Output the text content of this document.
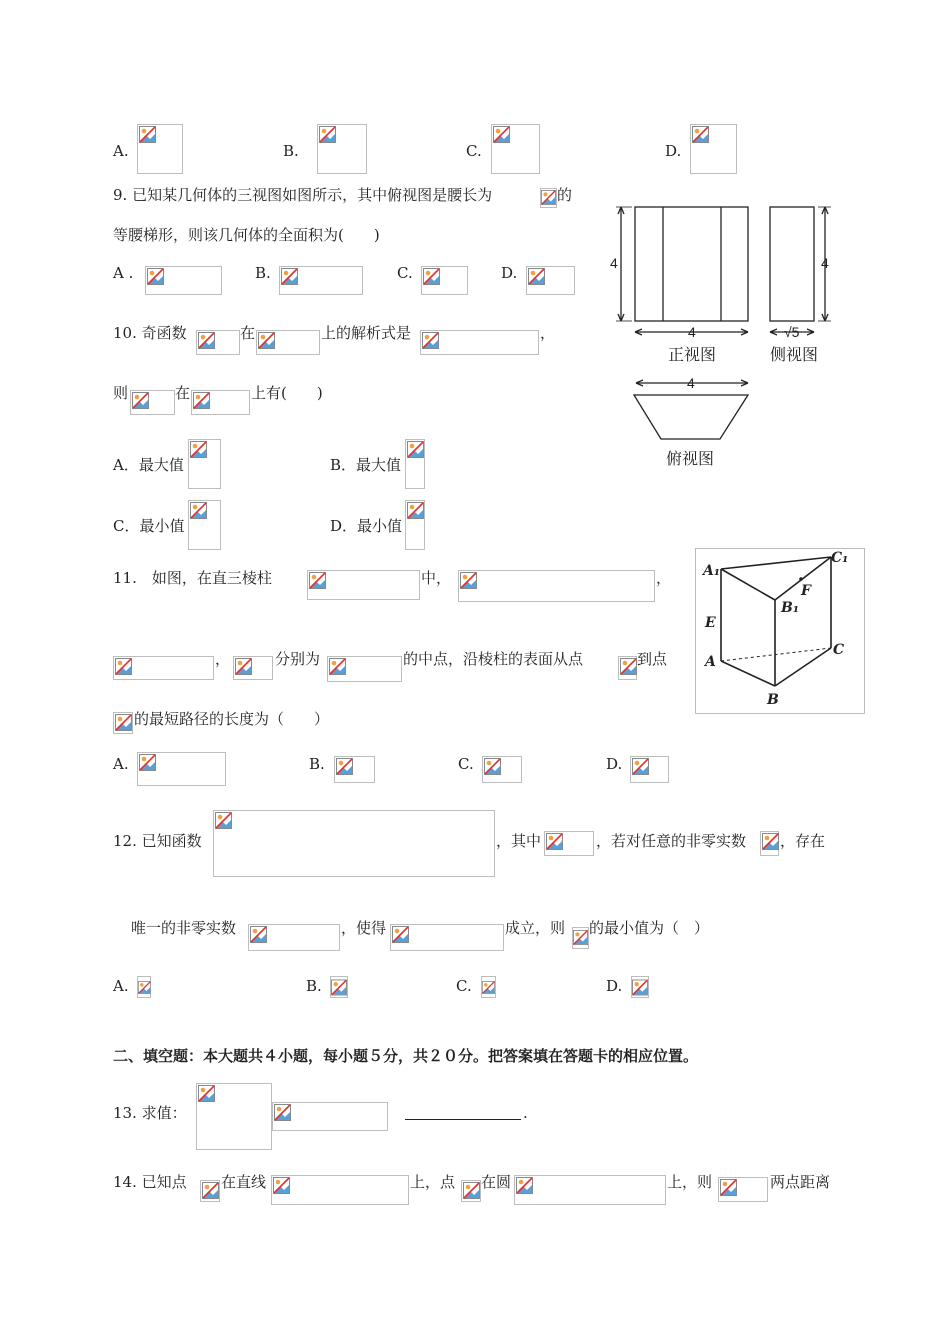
A.	B.	C.	D.
9. 已知某几何体的三视图如图所示，其中俯视图是腰长为	的
等腰梯形，则该几何体的全面积为(　　)
A .	B.	C.	D.
4
4
正视图
4
√5
侧视图
4
俯视图
10. 奇函数	在	上的解析式是	，
则	在	上有(　　)
A．最大值	B．最大值
C．最小值	D．最小值
A₁
C₁
F
B₁
E
A
C
B
11.　如图，在直三棱柱	中，	，
，	分别为	的中点，沿棱柱的表面从点	到点
的最短路径的长度为（　　）
A.	B.	C.	D.
12. 已知函数	，其中	，若对任意的非零实数 ，存在
唯一的非零实数	，使得	成立，则 的最小值为（　）
A.	B.	C.	D.
二、填空题：本大题共４小题，每小题５分，共２０分。把答案填在答题卡的相应位置。
13. 求值：	.
14. 已知点 在直线	上，点 在圆	上，则	两点距离
